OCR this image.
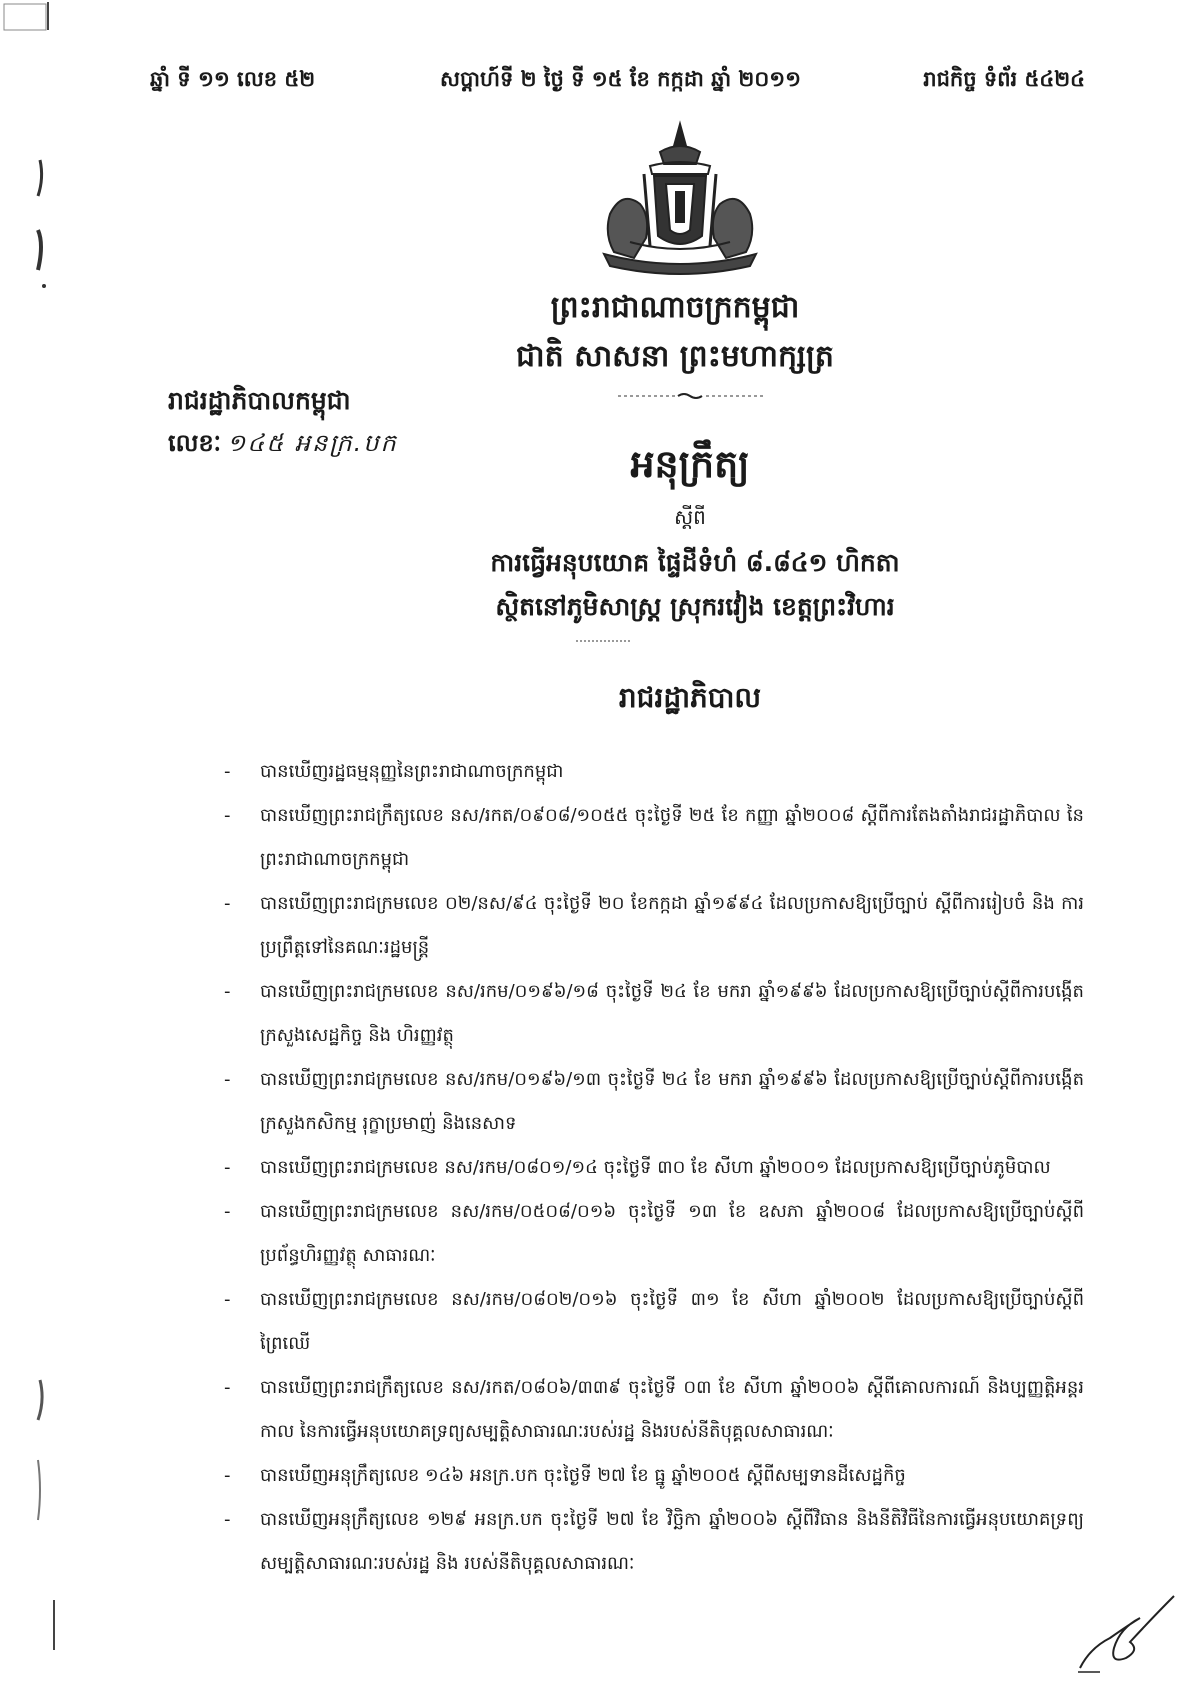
ឆ្នាំ ទី ១១ លេខ ៥២	សប្តាហ៍ទី ២ ថ្ងៃ ទី ១៥ ខែ កក្កដា ឆ្នាំ ២០១១	រាជកិច្ច ទំព័រ ៥៤២៤
ព្រះរាជាណាចក្រកម្ពុជា
ជាតិ សាសនា ព្រះមហាក្សត្រ
រាជរដ្ឋាភិបាលកម្ពុជា
លេខៈ ១៤៥ អនក្រ.បក	អនុក្រឹត្យ
ស្តីពី
ការធ្វើអនុបយោគ ផ្ទៃដីទំហំ ៨.៨៤១ ហិកតា
ស្ថិតនៅភូមិសាស្ត្រ ស្រុករវៀង ខេត្តព្រះវិហារ
រាជរដ្ឋាភិបាល
- បានឃើញរដ្ឋធម្មនុញ្ញនៃព្រះរាជាណាចក្រកម្ពុជា
- បានឃើញព្រះរាជក្រឹត្យលេខ នស/រកត/០៩០៨/១០៥៥ ចុះថ្ងៃទី ២៥ ខែ កញ្ញា ឆ្នាំ២០០៨ ស្តីពីការតែងតាំងរាជរដ្ឋាភិបាល នៃព្រះរាជាណាចក្រកម្ពុជា
- បានឃើញព្រះរាជក្រមលេខ ០២/នស/៩៤ ចុះថ្ងៃទី ២០ ខែកក្កដា ឆ្នាំ១៩៩៤ ដែលប្រកាសឱ្យប្រើច្បាប់ ស្តីពីការរៀបចំ និង ការប្រព្រឹត្តទៅនៃគណៈរដ្ឋមន្ត្រី
- បានឃើញព្រះរាជក្រមលេខ នស/រកម/០១៩៦/១៨ ចុះថ្ងៃទី ២៤ ខែ មករា ឆ្នាំ១៩៩៦ ដែលប្រកាសឱ្យប្រើច្បាប់ស្តីពីការបង្កើតក្រសួងសេដ្ឋកិច្ច និង ហិរញ្ញវត្ថុ
- បានឃើញព្រះរាជក្រមលេខ នស/រកម/០១៩៦/១៣ ចុះថ្ងៃទី ២៤ ខែ មករា ឆ្នាំ១៩៩៦ ដែលប្រកាសឱ្យប្រើច្បាប់ស្តីពីការបង្កើតក្រសួងកសិកម្ម រុក្ខាប្រមាញ់ និងនេសាទ
- បានឃើញព្រះរាជក្រមលេខ នស/រកម/០៨០១/១៤ ចុះថ្ងៃទី ៣០ ខែ សីហា ឆ្នាំ២០០១ ដែលប្រកាសឱ្យប្រើច្បាប់ភូមិបាល
- បានឃើញព្រះរាជក្រមលេខ នស/រកម/០៥០៨/០១៦ ចុះថ្ងៃទី ១៣ ខែ ឧសភា ឆ្នាំ២០០៨ ដែលប្រកាសឱ្យប្រើច្បាប់ស្តីពីប្រព័ន្ធហិរញ្ញវត្ថុ សាធារណៈ
- បានឃើញព្រះរាជក្រមលេខ នស/រកម/០៨០២/០១៦ ចុះថ្ងៃទី ៣១ ខែ សីហា ឆ្នាំ២០០២ ដែលប្រកាសឱ្យប្រើច្បាប់ស្តីពីព្រៃឈើ
- បានឃើញព្រះរាជក្រឹត្យលេខ នស/រកត/០៨០៦/៣៣៩ ចុះថ្ងៃទី ០៣ ខែ សីហា ឆ្នាំ២០០៦ ស្តីពីគោលការណ៍ និងប្បញ្ញត្តិអន្តរកាល នៃការធ្វើអនុបយោគទ្រព្យសម្បត្តិសាធារណៈរបស់រដ្ឋ និងរបស់នីតិបុគ្គលសាធារណៈ
- បានឃើញអនុក្រឹត្យលេខ ១៤៦ អនក្រ.បក ចុះថ្ងៃទី ២៧ ខែ ធ្នូ ឆ្នាំ២០០៥ ស្តីពីសម្បទានដីសេដ្ឋកិច្ច
- បានឃើញអនុក្រឹត្យលេខ ១២៩ អនក្រ.បក ចុះថ្ងៃទី ២៧ ខែ វិច្ឆិកា ឆ្នាំ២០០៦ ស្តីពីវិធាន និងនីតិវិធីនៃការធ្វើអនុបយោគទ្រព្យសម្បត្តិសាធារណៈរបស់រដ្ឋ និង របស់នីតិបុគ្គលសាធារណៈ
